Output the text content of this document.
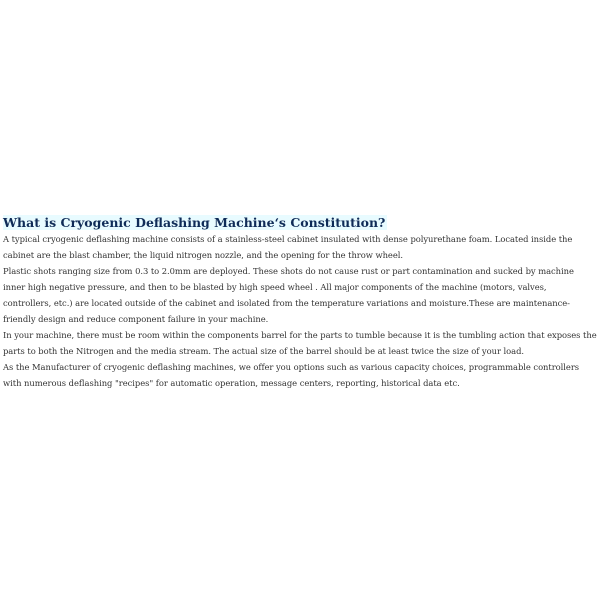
What is Cryogenic Deflashing Machine‘s Constitution?

A typical cryogenic deflashing machine consists of a stainless-steel cabinet insulated with dense polyurethane foam. Located inside the cabinet are the blast chamber, the liquid nitrogen nozzle, and the opening for the throw wheel.

Plastic shots ranging size from 0.3 to 2.0mm are deployed. These shots do not cause rust or part contamination and sucked by machine inner high negative pressure, and then to be blasted by high speed wheel . All major components of the machine (motors, valves, controllers, etc.) are located outside of the cabinet and isolated from the temperature variations and moisture.These are maintenance-friendly design and reduce component failure in your machine.

In your machine, there must be room within the components barrel for the parts to tumble because it is the tumbling action that exposes the parts to both the Nitrogen and the media stream. The actual size of the barrel should be at least twice the size of your load.

As the Manufacturer of cryogenic deflashing machines, we offer you options such as various capacity choices, programmable controllers with numerous deflashing "recipes" for automatic operation, message centers, reporting, historical data etc.
